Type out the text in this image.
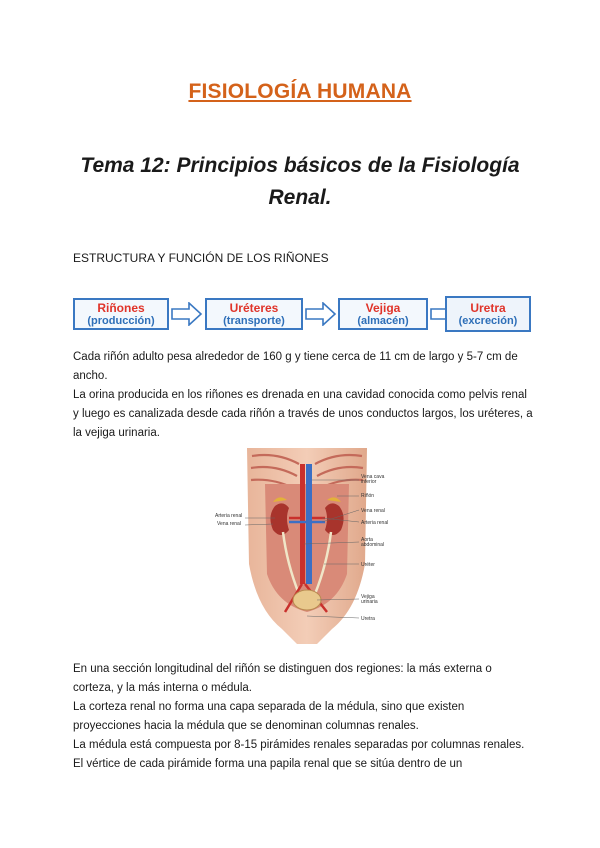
FISIOLOGÍA HUMANA
Tema 12: Principios básicos de la Fisiología
Renal.
ESTRUCTURA Y FUNCIÓN DE LOS RIÑONES
Riñones
(producción)
Uréteres
(transporte)
Vejiga
(almacén)
Uretra
(excreción)

Cada riñón adulto pesa alrededor de 160 g y tiene cerca de 11 cm de largo y 5-7 cm de ancho.

La orina producida en los riñones es drenada en una cavidad conocida como pelvis renal y luego es canalizada desde cada riñón a través de unos conductos largos, los uréteres, a la vejiga urinaria.

Vena cava
inferior
Riñón
Vena renal
Arteria renal
Aorta
abdominal
Uréter
Vejiga
urinaria
Uretra
Arteria renal
Vena renal

En una sección longitudinal del riñón se distinguen dos regiones: la más externa o corteza, y la más interna o médula.

La corteza renal no forma una capa separada de la médula, sino que existen proyecciones hacia la médula que se denominan columnas renales.

La médula está compuesta por 8-15 pirámides renales separadas por columnas renales. El vértice de cada pirámide forma una papila renal que se sitúa dentro de un
